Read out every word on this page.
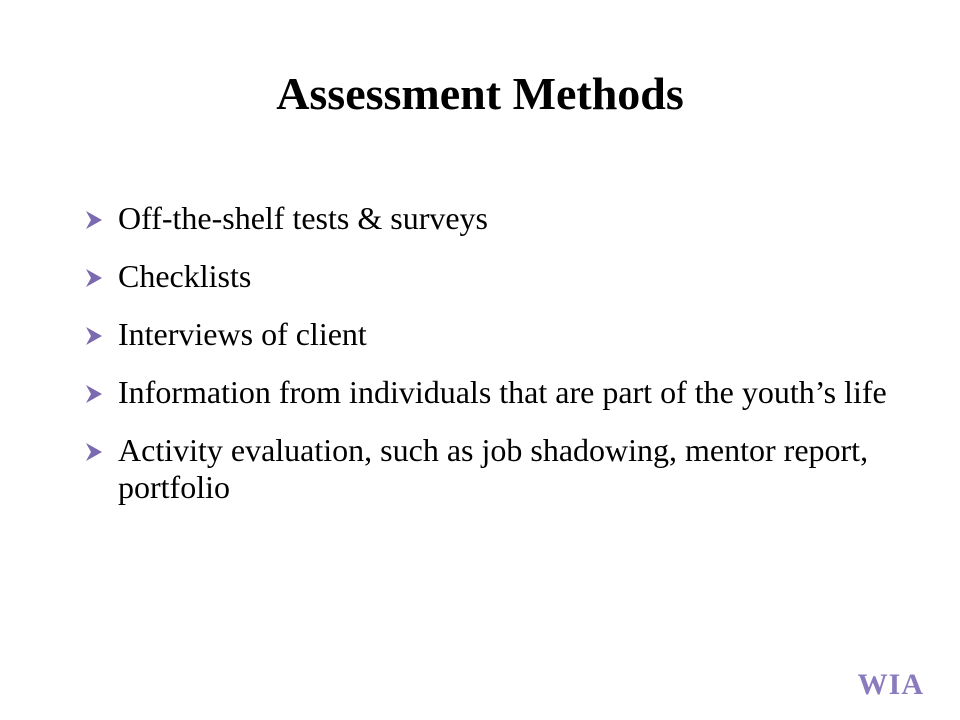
Assessment Methods
Off-the-shelf tests & surveys
Checklists
Interviews of client
Information from individuals that are part of the youth’s life
Activity evaluation, such as job shadowing, mentor report, portfolio
WIA
